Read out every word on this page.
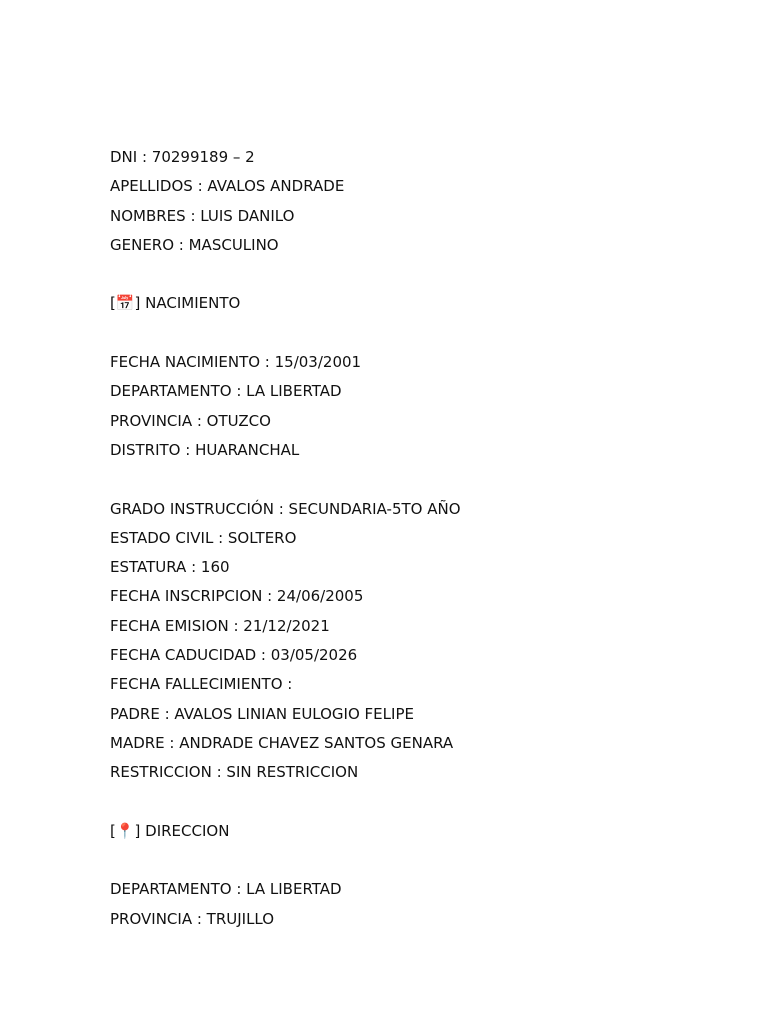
DNI : 70299189 – 2
APELLIDOS : AVALOS ANDRADE
NOMBRES : LUIS DANILO
GENERO : MASCULINO
[📅] NACIMIENTO
FECHA NACIMIENTO : 15/03/2001
DEPARTAMENTO : LA LIBERTAD
PROVINCIA : OTUZCO
DISTRITO : HUARANCHAL
GRADO INSTRUCCIÓN : SECUNDARIA-5TO AÑO
ESTADO CIVIL : SOLTERO
ESTATURA : 160
FECHA INSCRIPCION : 24/06/2005
FECHA EMISION : 21/12/2021
FECHA CADUCIDAD : 03/05/2026
FECHA FALLECIMIENTO :
PADRE : AVALOS LINIAN EULOGIO FELIPE
MADRE : ANDRADE CHAVEZ SANTOS GENARA
RESTRICCION : SIN RESTRICCION
[📍] DIRECCION
DEPARTAMENTO : LA LIBERTAD
PROVINCIA : TRUJILLO
